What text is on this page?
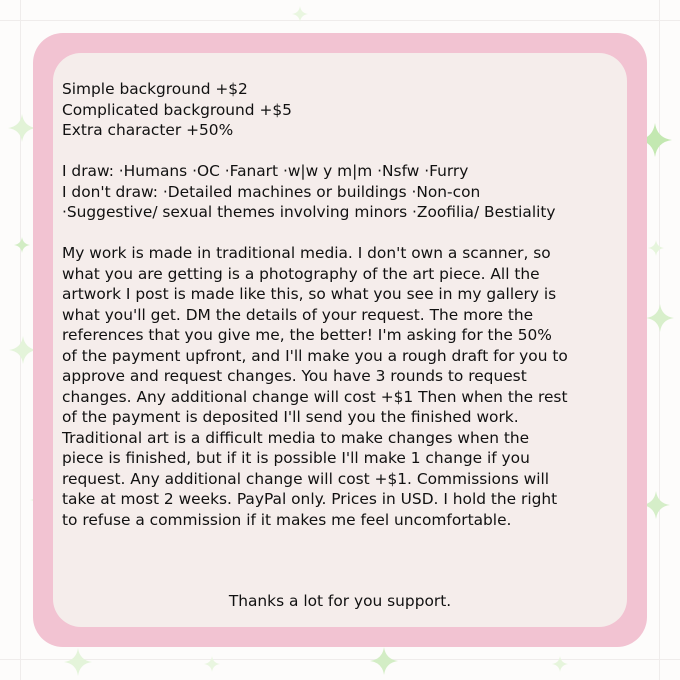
Simple background +$2
Complicated background +$5
Extra character +50%
I draw: ·Humans ·OC ·Fanart ·w|w y m|m ·Nsfw ·Furry
I don't draw: ·Detailed machines or buildings ·Non-con
·Suggestive/ sexual themes involving minors ·Zoofilia/ Bestiality
My work is made in traditional media. I don't own a scanner, so
what you are getting is a photography of the art piece. All the
artwork I post is made like this, so what you see in my gallery is
what you'll get. DM the details of your request. The more the
references that you give me, the better! I'm asking for the 50%
of the payment upfront, and I'll make you a rough draft for you to
approve and request changes. You have 3 rounds to request
changes. Any additional change will cost +$1 Then when the rest
of the payment is deposited I'll send you the finished work.
Traditional art is a difficult media to make changes when the
piece is finished, but if it is possible I'll make 1 change if you
request. Any additional change will cost +$1. Commissions will
take at most 2 weeks. PayPal only. Prices in USD. I hold the right
to refuse a commission if it makes me feel uncomfortable.
Thanks a lot for you support.
